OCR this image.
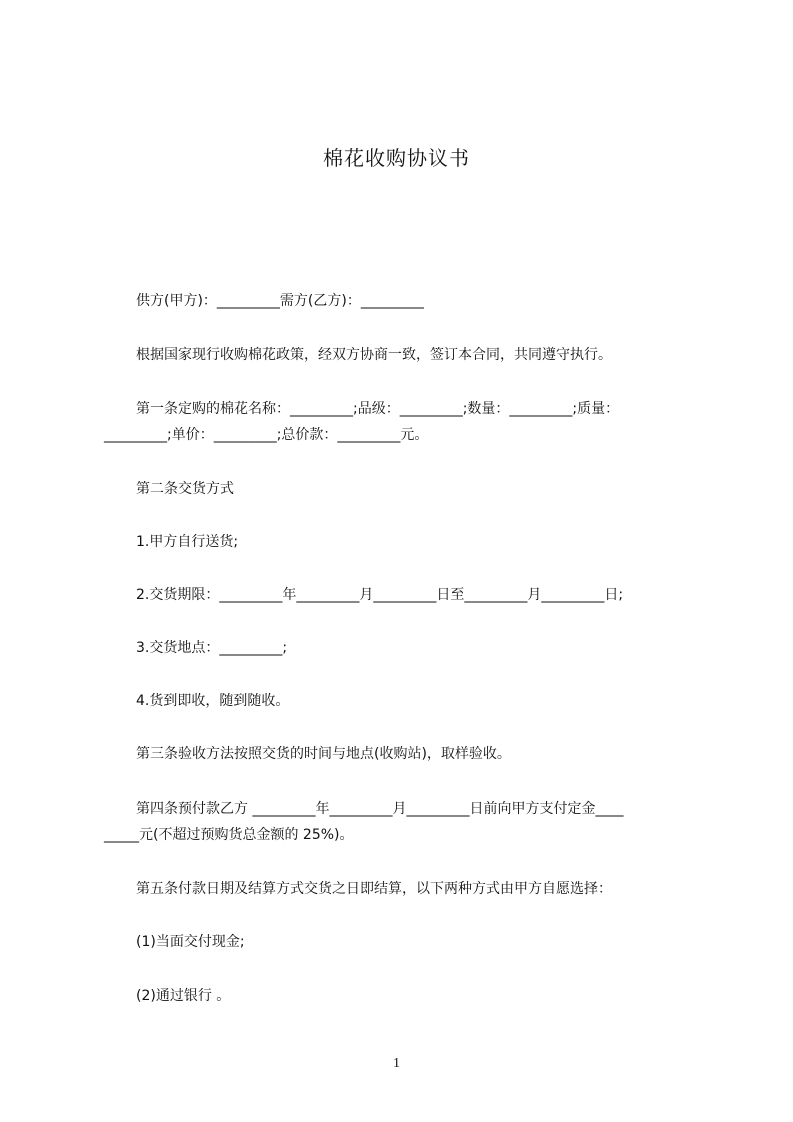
棉花收购协议书
供方(甲方)：_________需方(乙方)：_________
根据国家现行收购棉花政策，经双方协商一致，签订本合同，共同遵守执行。
第一条定购的棉花名称：_________;品级：_________;数量：_________;质量：
_________;单价：_________;总价款：_________元。
第二条交货方式
1.甲方自行送货;
2.交货期限：_________年_________月_________日至_________月_________日;
3.交货地点：_________;
4.货到即收，随到随收。
第三条验收方法按照交货的时间与地点(收购站)，取样验收。
第四条预付款乙方 _________年_________月_________日前向甲方支付定金____
_____元(不超过预购货总金额的 25%)。
第五条付款日期及结算方式交货之日即结算，以下两种方式由甲方自愿选择：
(1)当面交付现金;
(2)通过银行 。
1
